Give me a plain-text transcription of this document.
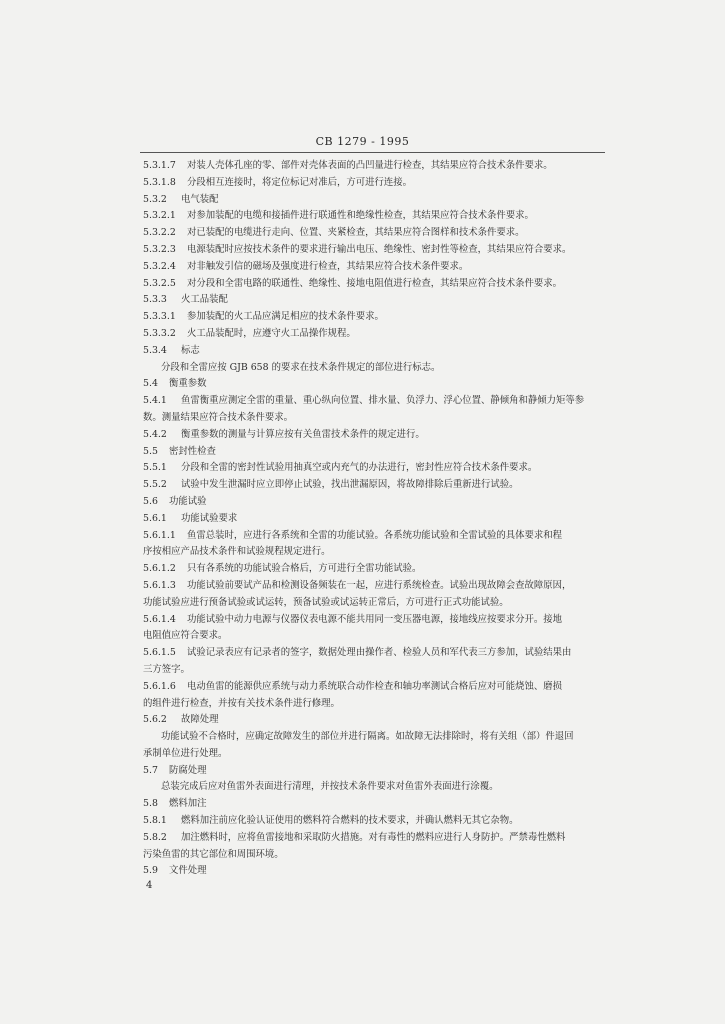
CB 1279 - 1995
5.3.1.7 对装人壳体孔座的零、部件对壳体表面的凸凹量进行检查，其结果应符合技术条件要求。
5.3.1.8 分段相互连接时，将定位标记对准后，方可进行连接。
5.3.2 电气装配
5.3.2.1 对参加装配的电缆和接插件进行联通性和绝缘性检查，其结果应符合技术条件要求。
5.3.2.2 对已装配的电缆进行走向、位置、夹紧检查，其结果应符合图样和技术条件要求。
5.3.2.3 电源装配时应按技术条件的要求进行输出电压、绝缘性、密封性等检查，其结果应符合要求。
5.3.2.4 对非触发引信的磁场及强度进行检查，其结果应符合技术条件要求。
5.3.2.5 对分段和全雷电路的联通性、绝缘性、接地电阻值进行检查，其结果应符合技术条件要求。
5.3.3 火工品装配
5.3.3.1 参加装配的火工品应满足相应的技术条件要求。
5.3.3.2 火工品装配时，应遵守火工品操作规程。
5.3.4 标志
分段和全雷应按 GJB 658 的要求在技术条件规定的部位进行标志。
5.4 衡重参数
5.4.1 鱼雷衡重应测定全雷的重量、重心纵向位置、排水量、负浮力、浮心位置、静倾角和静倾力矩等参
数。测量结果应符合技术条件要求。
5.4.2 衡重参数的测量与计算应按有关鱼雷技术条件的规定进行。
5.5 密封性检查
5.5.1 分段和全雷的密封性试验用抽真空或内充气的办法进行，密封性应符合技术条件要求。
5.5.2 试验中发生泄漏时应立即停止试验，找出泄漏原因，将故障排除后重新进行试验。
5.6 功能试验
5.6.1 功能试验要求
5.6.1.1 鱼雷总装时，应进行各系统和全雷的功能试验。各系统功能试验和全雷试验的具体要求和程
序按相应产品技术条件和试验规程规定进行。
5.6.1.2 只有各系统的功能试验合格后，方可进行全雷功能试验。
5.6.1.3 功能试验前要试产品和检测设备频装在一起，应进行系统检查。试验出现故障会查故障原因，
功能试验应进行预备试验或试运转，预备试验或试运转正常后，方可进行正式功能试验。
5.6.1.4 功能试验中动力电源与仪器仪表电源不能共用同一变压器电源，接地线应按要求分开。接地
电阻值应符合要求。
5.6.1.5 试验记录表应有记录者的签字，数据处理由操作者、检验人员和军代表三方参加，试验结果由
三方签字。
5.6.1.6 电动鱼雷的能源供应系统与动力系统联合动作检查和轴功率测试合格后应对可能烧蚀、磨损
的组件进行检查，并按有关技术条件进行修理。
5.6.2 故障处理
功能试验不合格时，应确定故障发生的部位并进行隔离。如故障无法排除时，将有关组（部）件退回
承制单位进行处理。
5.7 防腐处理
总装完成后应对鱼雷外表面进行清理，并按技术条件要求对鱼雷外表面进行涂覆。
5.8 燃料加注
5.8.1 燃料加注前应化验认证使用的燃料符合燃料的技术要求，并确认燃料无其它杂物。
5.8.2 加注燃料时，应将鱼雷接地和采取防火措施。对有毒性的燃料应进行人身防护。严禁毒性燃料
污染鱼雷的其它部位和周围环境。
5.9 文件处理
4
